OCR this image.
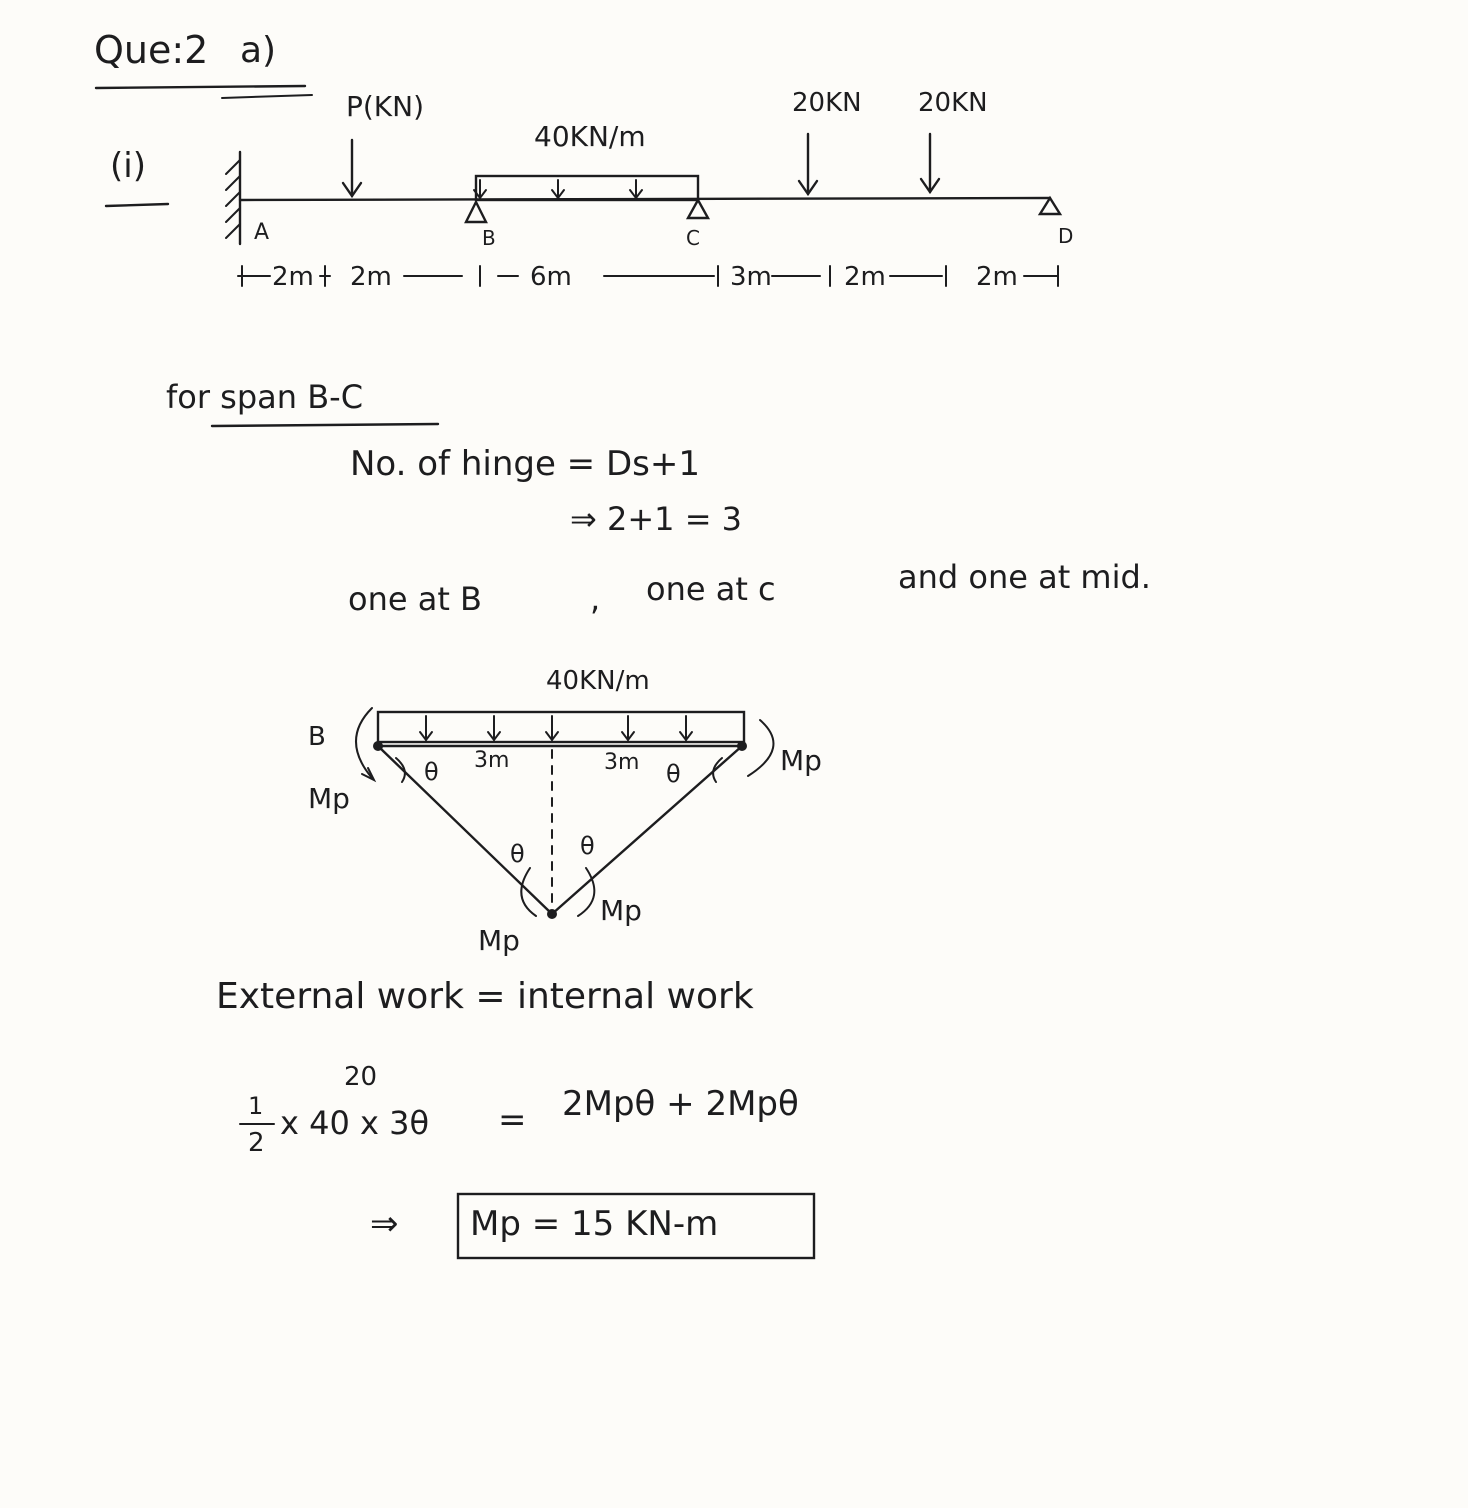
Que:2 a)
(i)
P(KN)
40KN/m
20KN 20KN
A	B	C	D
2m 2m	6m	3m	2m	2m
for span B-C
No. of hinge = Ds+1
⇒ 2+1 = 3
one at B	, one at c	and one at mid.
40KN/m
B
3m	3m
θ	θ
θ θ
Mp
Mp
Mp
Mp
External work = internal work
1
2
20
x 40 x 3θ = 2Mpθ + 2Mpθ
⇒ Mp = 15 KN-m
